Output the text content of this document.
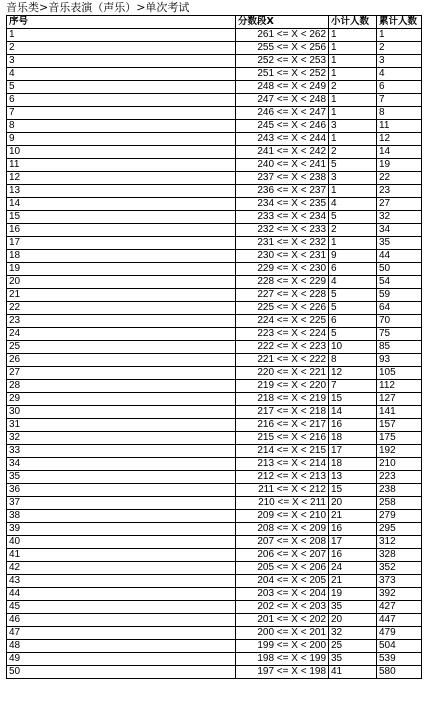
音乐类>音乐表演（声乐）>单次考试
序号	分数段X	小计人数	累计人数
1	261 <= X < 262	1	1
2	255 <= X < 256	1	2
3	252 <= X < 253	1	3
4	251 <= X < 252	1	4
5	248 <= X < 249	2	6
6	247 <= X < 248	1	7
7	246 <= X < 247	1	8
8	245 <= X < 246	3	11
9	243 <= X < 244	1	12
10	241 <= X < 242	2	14
11	240 <= X < 241	5	19
12	237 <= X < 238	3	22
13	236 <= X < 237	1	23
14	234 <= X < 235	4	27
15	233 <= X < 234	5	32
16	232 <= X < 233	2	34
17	231 <= X < 232	1	35
18	230 <= X < 231	9	44
19	229 <= X < 230	6	50
20	228 <= X < 229	4	54
21	227 <= X < 228	5	59
22	225 <= X < 226	5	64
23	224 <= X < 225	6	70
24	223 <= X < 224	5	75
25	222 <= X < 223	10	85
26	221 <= X < 222	8	93
27	220 <= X < 221	12	105
28	219 <= X < 220	7	112
29	218 <= X < 219	15	127
30	217 <= X < 218	14	141
31	216 <= X < 217	16	157
32	215 <= X < 216	18	175
33	214 <= X < 215	17	192
34	213 <= X < 214	18	210
35	212 <= X < 213	13	223
36	211 <= X < 212	15	238
37	210 <= X < 211	20	258
38	209 <= X < 210	21	279
39	208 <= X < 209	16	295
40	207 <= X < 208	17	312
41	206 <= X < 207	16	328
42	205 <= X < 206	24	352
43	204 <= X < 205	21	373
44	203 <= X < 204	19	392
45	202 <= X < 203	35	427
46	201 <= X < 202	20	447
47	200 <= X < 201	32	479
48	199 <= X < 200	25	504
49	198 <= X < 199	35	539
50	197 <= X < 198	41	580
